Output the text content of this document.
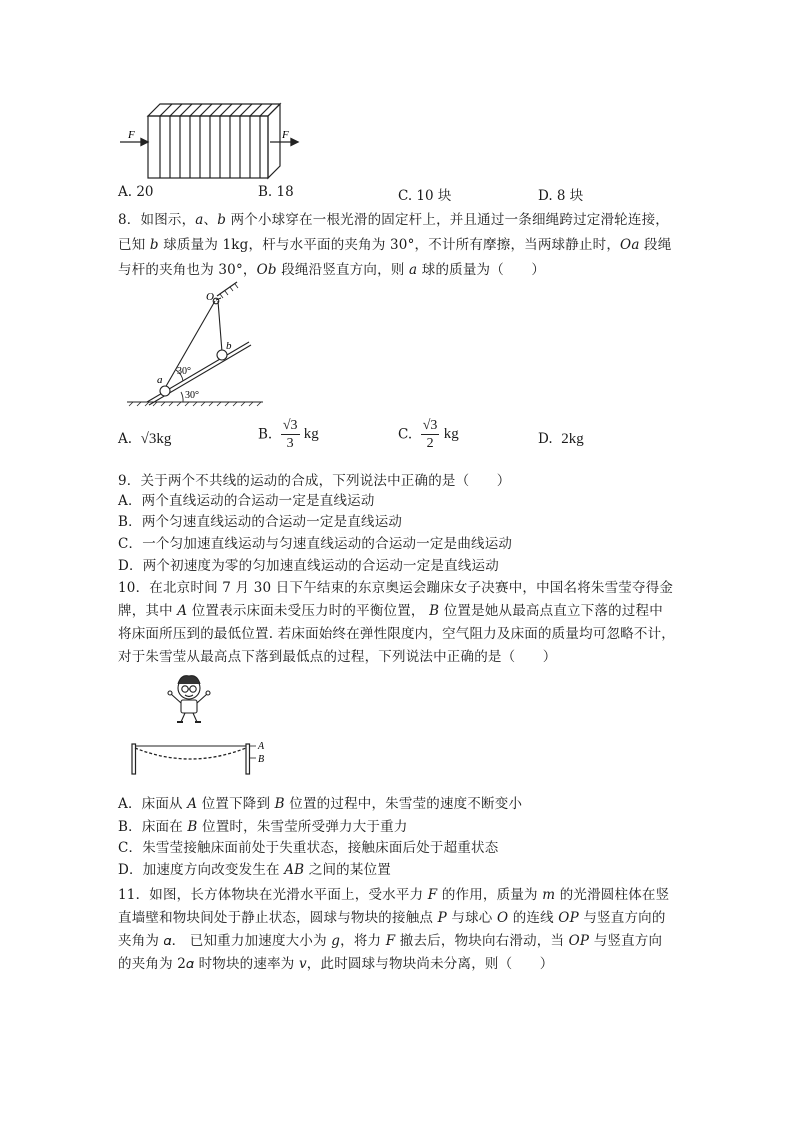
F	F
A. 20	B. 18	C. 10 块	D. 8 块
8．如图示，𝑎、𝑏 两个小球穿在一根光滑的固定杆上，并且通过一条细绳跨过定滑轮连接，
已知 𝑏 球质量为 1kg，杆与水平面的夹角为 30°，不计所有摩擦，当两球静止时，𝑂𝑎 段绳
与杆的夹角也为 30°，𝑂𝑏 段绳沿竖直方向，则 𝑎 球的质量为（　　）
O
a
b
30°
30°
A. √3kg	B. $\frac{√3}{3}$ kg	C. $\frac{√3}{2}$ kg	D. 2kg
9．关于两个不共线的运动的合成，下列说法中正确的是（　　）
A．两个直线运动的合运动一定是直线运动
B．两个匀速直线运动的合运动一定是直线运动
C．一个匀加速直线运动与匀速直线运动的合运动一定是曲线运动
D．两个初速度为零的匀加速直线运动的合运动一定是直线运动
10．在北京时间 7 月 30 日下午结束的东京奥运会蹦床女子决赛中，中国名将朱雪莹夺得金
牌，其中 𝐴 位置表示床面未受压力时的平衡位置， 𝐵 位置是她从最高点直立下落的过程中
将床面所压到的最低位置. 若床面始终在弹性限度内，空气阻力及床面的质量均可忽略不计，
对于朱雪莹从最高点下落到最低点的过程，下列说法中正确的是（　　）
A
B
A．床面从 𝐴 位置下降到 𝐵 位置的过程中，朱雪莹的速度不断变小
B．床面在 𝐵 位置时，朱雪莹所受弹力大于重力
C．朱雪莹接触床面前处于失重状态，接触床面后处于超重状态
D．加速度方向改变发生在 𝐴𝐵 之间的某位置
11．如图，长方体物块在光滑水平面上，受水平力 𝐹 的作用，质量为 𝑚 的光滑圆柱体在竖
直墙壁和物块间处于静止状态，圆球与物块的接触点 𝑃 与球心 𝑂 的连线 𝑂𝑃 与竖直方向的
夹角为 𝛼． 已知重力加速度大小为 𝑔，将力 𝐹 撤去后，物块向右滑动，当 𝑂𝑃 与竖直方向
的夹角为 2𝛼 时物块的速率为 𝑣，此时圆球与物块尚未分离，则（　　）
